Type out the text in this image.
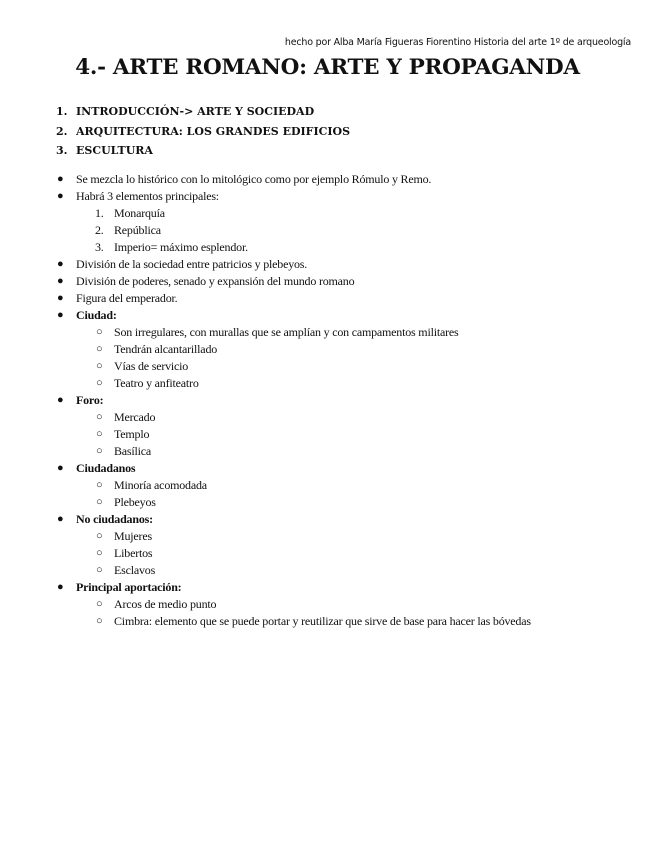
hecho por Alba María Figueras Fiorentino Historia del arte 1º de arqueología
4.- ARTE ROMANO: ARTE Y PROPAGANDA
1. INTRODUCCIÓN-> ARTE Y SOCIEDAD
2. ARQUITECTURA: LOS GRANDES EDIFICIOS
3. ESCULTURA
● Se mezcla lo histórico con lo mitológico como por ejemplo Rómulo y Remo.
● Habrá 3 elementos principales:
1. Monarquía
2. República
3. Imperio= máximo esplendor.
● División de la sociedad entre patricios y plebeyos.
● División de poderes, senado y expansión del mundo romano
● Figura del emperador.
● Ciudad:
○ Son irregulares, con murallas que se amplían y con campamentos militares
○ Tendrán alcantarillado
○ Vías de servicio
○ Teatro y anfiteatro
● Foro:
○ Mercado
○ Templo
○ Basílica
● Ciudadanos
○ Minoría acomodada
○ Plebeyos
● No ciudadanos:
○ Mujeres
○ Libertos
○ Esclavos
● Principal aportación:
○ Arcos de medio punto
○ Cimbra: elemento que se puede portar y reutilizar que sirve de base para hacer las bóvedas
